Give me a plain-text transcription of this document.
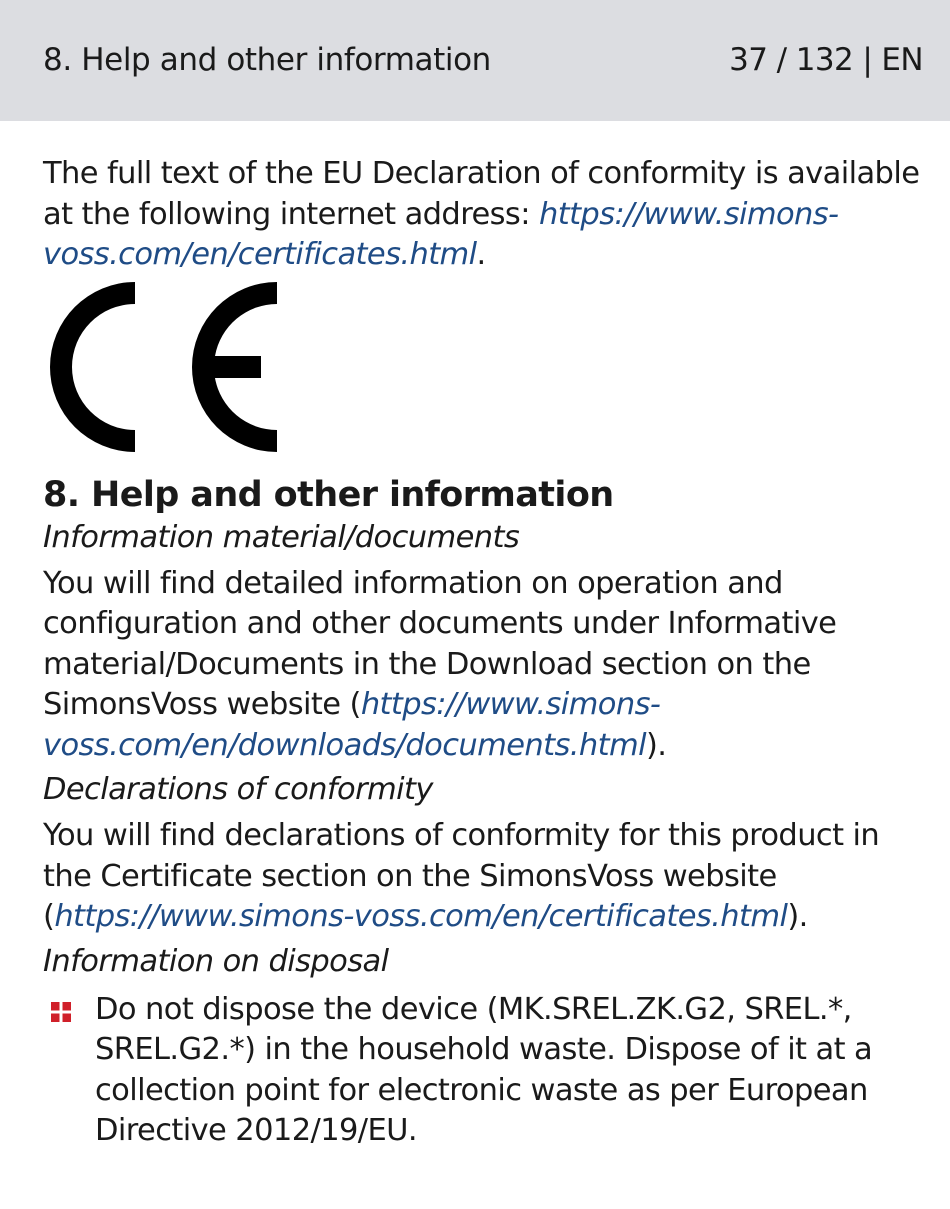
8. Help and other information	37 / 132 | EN

The full text of the EU Declaration of conformity is available at the following internet address: https://www.simons-voss.com/en/certificates.html.

8. Help and other information

Information material/documents

You will find detailed information on operation and configuration and other documents under Informative material/Documents in the Download section on the SimonsVoss website (https://www.simons-voss.com/en/downloads/documents.html).

Declarations of conformity

You will find declarations of conformity for this product in the Certificate section on the SimonsVoss website (https://www.simons-voss.com/en/certificates.html).

Information on disposal

Do not dispose the device (MK.SREL.ZK.G2, SREL.*, SREL.G2.*) in the household waste. Dispose of it at a collection point for electronic waste as per European Directive 2012/19/EU.
